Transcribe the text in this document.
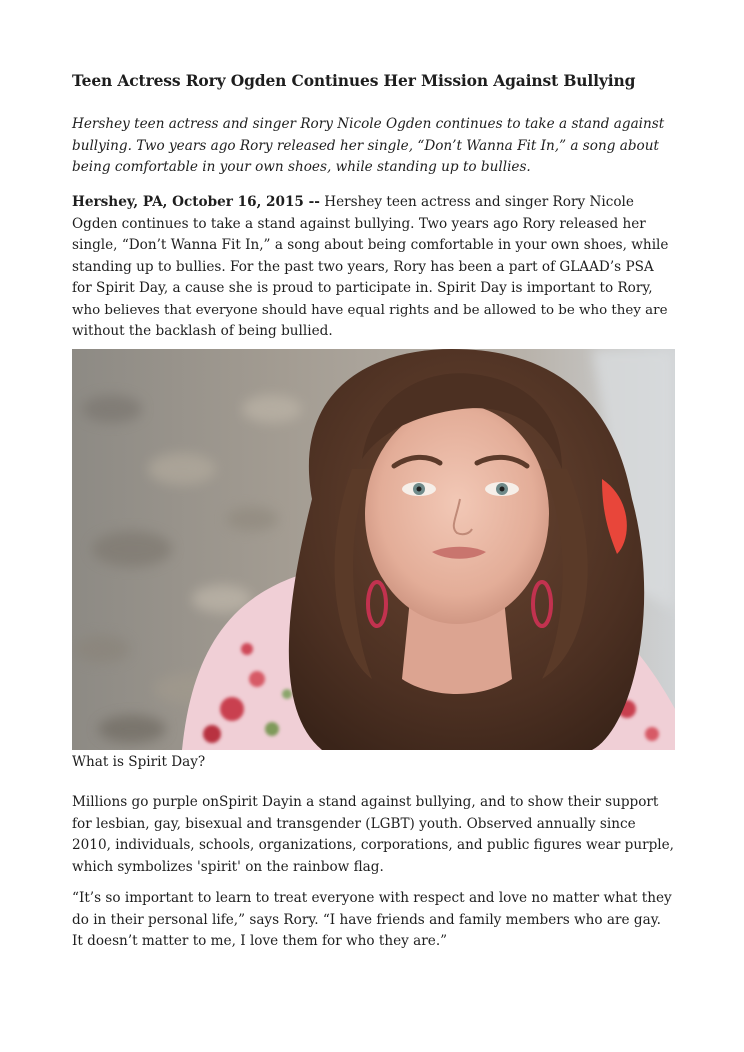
Teen Actress Rory Ogden Continues Her Mission Against Bullying

Hershey teen actress and singer Rory Nicole Ogden continues to take a stand against
bullying. Two years ago Rory released her single, “Don’t Wanna Fit In,” a song about
being comfortable in your own shoes, while standing up to bullies.

Hershey, PA, October 16, 2015 -- Hershey teen actress and singer Rory Nicole
Ogden continues to take a stand against bullying. Two years ago Rory released her
single, “Don’t Wanna Fit In,” a song about being comfortable in your own shoes, while
standing up to bullies. For the past two years, Rory has been a part of GLAAD’s PSA
for Spirit Day, a cause she is proud to participate in. Spirit Day is important to Rory,
who believes that everyone should have equal rights and be allowed to be who they are
without the backlash of being bullied.

What is Spirit Day?

Millions go purple onSpirit Dayin a stand against bullying, and to show their support
for lesbian, gay, bisexual and transgender (LGBT) youth. Observed annually since
2010, individuals, schools, organizations, corporations, and public figures wear purple,
which symbolizes 'spirit' on the rainbow flag.

“It’s so important to learn to treat everyone with respect and love no matter what they
do in their personal life,” says Rory. “I have friends and family members who are gay.
It doesn’t matter to me, I love them for who they are.”
